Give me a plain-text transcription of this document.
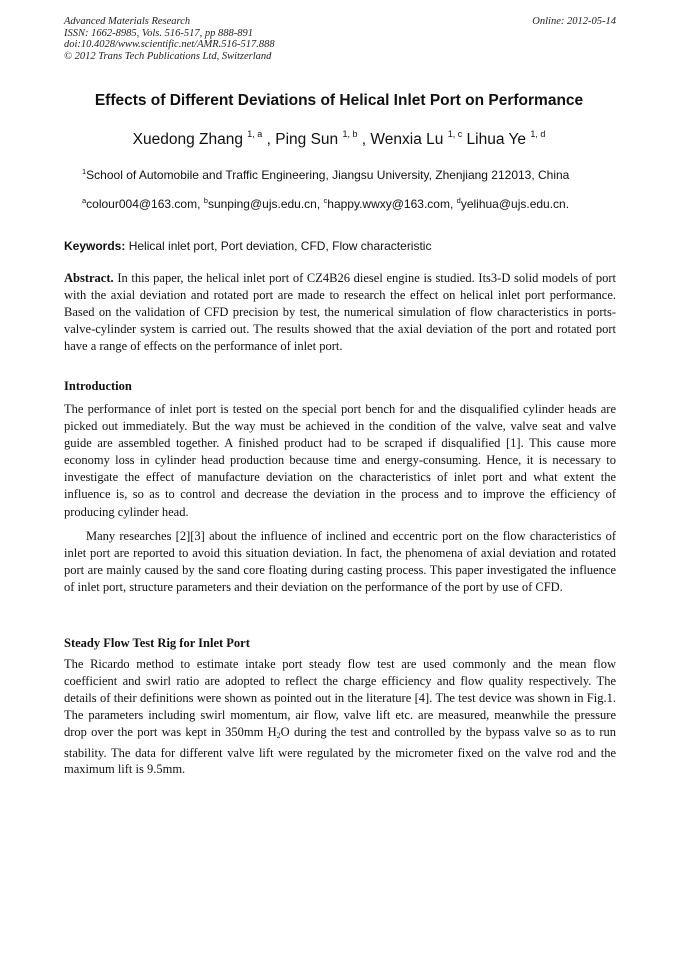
Advanced Materials Research
ISSN: 1662-8985, Vols. 516-517, pp 888-891
doi:10.4028/www.scientific.net/AMR.516-517.888
© 2012 Trans Tech Publications Ltd, Switzerland
Online: 2012-05-14
Effects of Different Deviations of Helical Inlet Port on Performance
Xuedong Zhang $^{1, a}$ , Ping Sun $^{1, b}$ , Wenxia Lu $^{1, c}$ Lihua Ye $^{1, d}$
$^1$School of Automobile and Traffic Engineering, Jiangsu University, Zhenjiang 212013, China
$^a$colour004@163.com, $^b$sunping@ujs.edu.cn, $^c$happy.wwxy@163.com, $^d$yelihua@ujs.edu.cn.
Keywords: Helical inlet port, Port deviation, CFD, Flow characteristic
Abstract. In this paper, the helical inlet port of CZ4B26 diesel engine is studied. Its3-D solid models of port with the axial deviation and rotated port are made to research the effect on helical inlet port performance. Based on the validation of CFD precision by test, the numerical simulation of flow characteristics in ports-valve-cylinder system is carried out. The results showed that the axial deviation of the port and rotated port have a range of effects on the performance of inlet port.
Introduction
The performance of inlet port is tested on the special port bench for and the disqualified cylinder heads are picked out immediately. But the way must be achieved in the condition of the valve, valve seat and valve guide are assembled together. A finished product had to be scraped if disqualified [1]. This cause more economy loss in cylinder head production because time and energy-consuming. Hence, it is necessary to investigate the effect of manufacture deviation on the characteristics of inlet port and what extent the influence is, so as to control and decrease the deviation in the process and to improve the efficiency of producing cylinder head.
Many researches [2][3] about the influence of inclined and eccentric port on the flow characteristics of inlet port are reported to avoid this situation deviation. In fact, the phenomena of axial deviation and rotated port are mainly caused by the sand core floating during casting process. This paper investigated the influence of inlet port, structure parameters and their deviation on the performance of the port by use of CFD.
Steady Flow Test Rig for Inlet Port
The Ricardo method to estimate intake port steady flow test are used commonly and the mean flow coefficient and swirl ratio are adopted to reflect the charge efficiency and flow quality respectively. The details of their definitions were shown as pointed out in the literature [4]. The test device was shown in Fig.1. The parameters including swirl momentum, air flow, valve lift etc. are measured, meanwhile the pressure drop over the port was kept in 350mm $H_2O$ during the test and controlled by the bypass valve so as to run stability. The data for different valve lift were regulated by the micrometer fixed on the valve rod and the maximum lift is 9.5mm.
